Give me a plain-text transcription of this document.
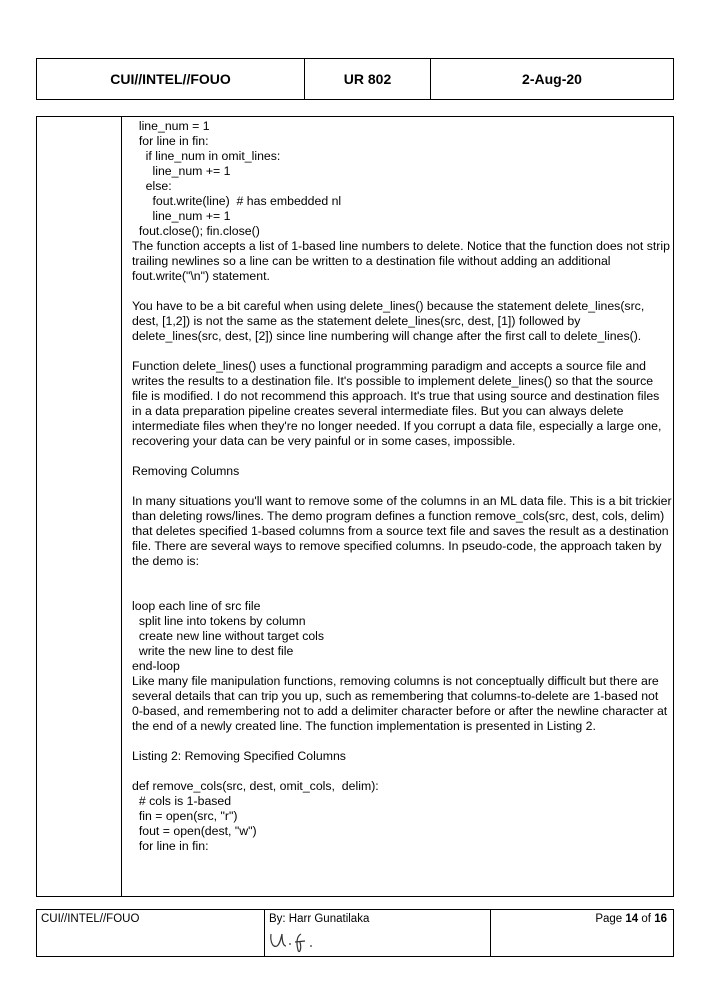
CUI//INTEL//FOUO	UR 802	2-Aug-20
line_num = 1
for line in fin:
if line_num in omit_lines:
line_num += 1
else:
fout.write(line)  # has embedded nl
line_num += 1
fout.close(); fin.close()

The function accepts a list of 1-based line numbers to delete. Notice that the function does not strip trailing newlines so a line can be written to a destination file without adding an additional fout.write("\n") statement.

You have to be a bit careful when using delete_lines() because the statement delete_lines(src, dest, [1,2]) is not the same as the statement delete_lines(src, dest, [1]) followed by delete_lines(src, dest, [2]) since line numbering will change after the first call to delete_lines().

Function delete_lines() uses a functional programming paradigm and accepts a source file and writes the results to a destination file. It's possible to implement delete_lines() so that the source file is modified. I do not recommend this approach. It's true that using source and destination files in a data preparation pipeline creates several intermediate files. But you can always delete intermediate files when they're no longer needed. If you corrupt a data file, especially a large one, recovering your data can be very painful or in some cases, impossible.

Removing Columns

In many situations you'll want to remove some of the columns in an ML data file. This is a bit trickier than deleting rows/lines. The demo program defines a function remove_cols(src, dest, cols, delim) that deletes specified 1-based columns from a source text file and saves the result as a destination file. There are several ways to remove specified columns. In pseudo-code, the approach taken by the demo is:

loop each line of src file
split line into tokens by column
create new line without target cols
write the new line to dest file
end-loop

Like many file manipulation functions, removing columns is not conceptually difficult but there are several details that can trip you up, such as remembering that columns-to-delete are 1-based not 0-based, and remembering not to add a delimiter character before or after the newline character at the end of a newly created line. The function implementation is presented in Listing 2.

Listing 2: Removing Specified Columns

def remove_cols(src, dest, omit_cols,  delim):
# cols is 1-based
fin = open(src, "r")
fout = open(dest, "w")
for line in fin:
CUI//INTEL//FOUO	By: Harr Gunatilaka	Page 14 of 16
